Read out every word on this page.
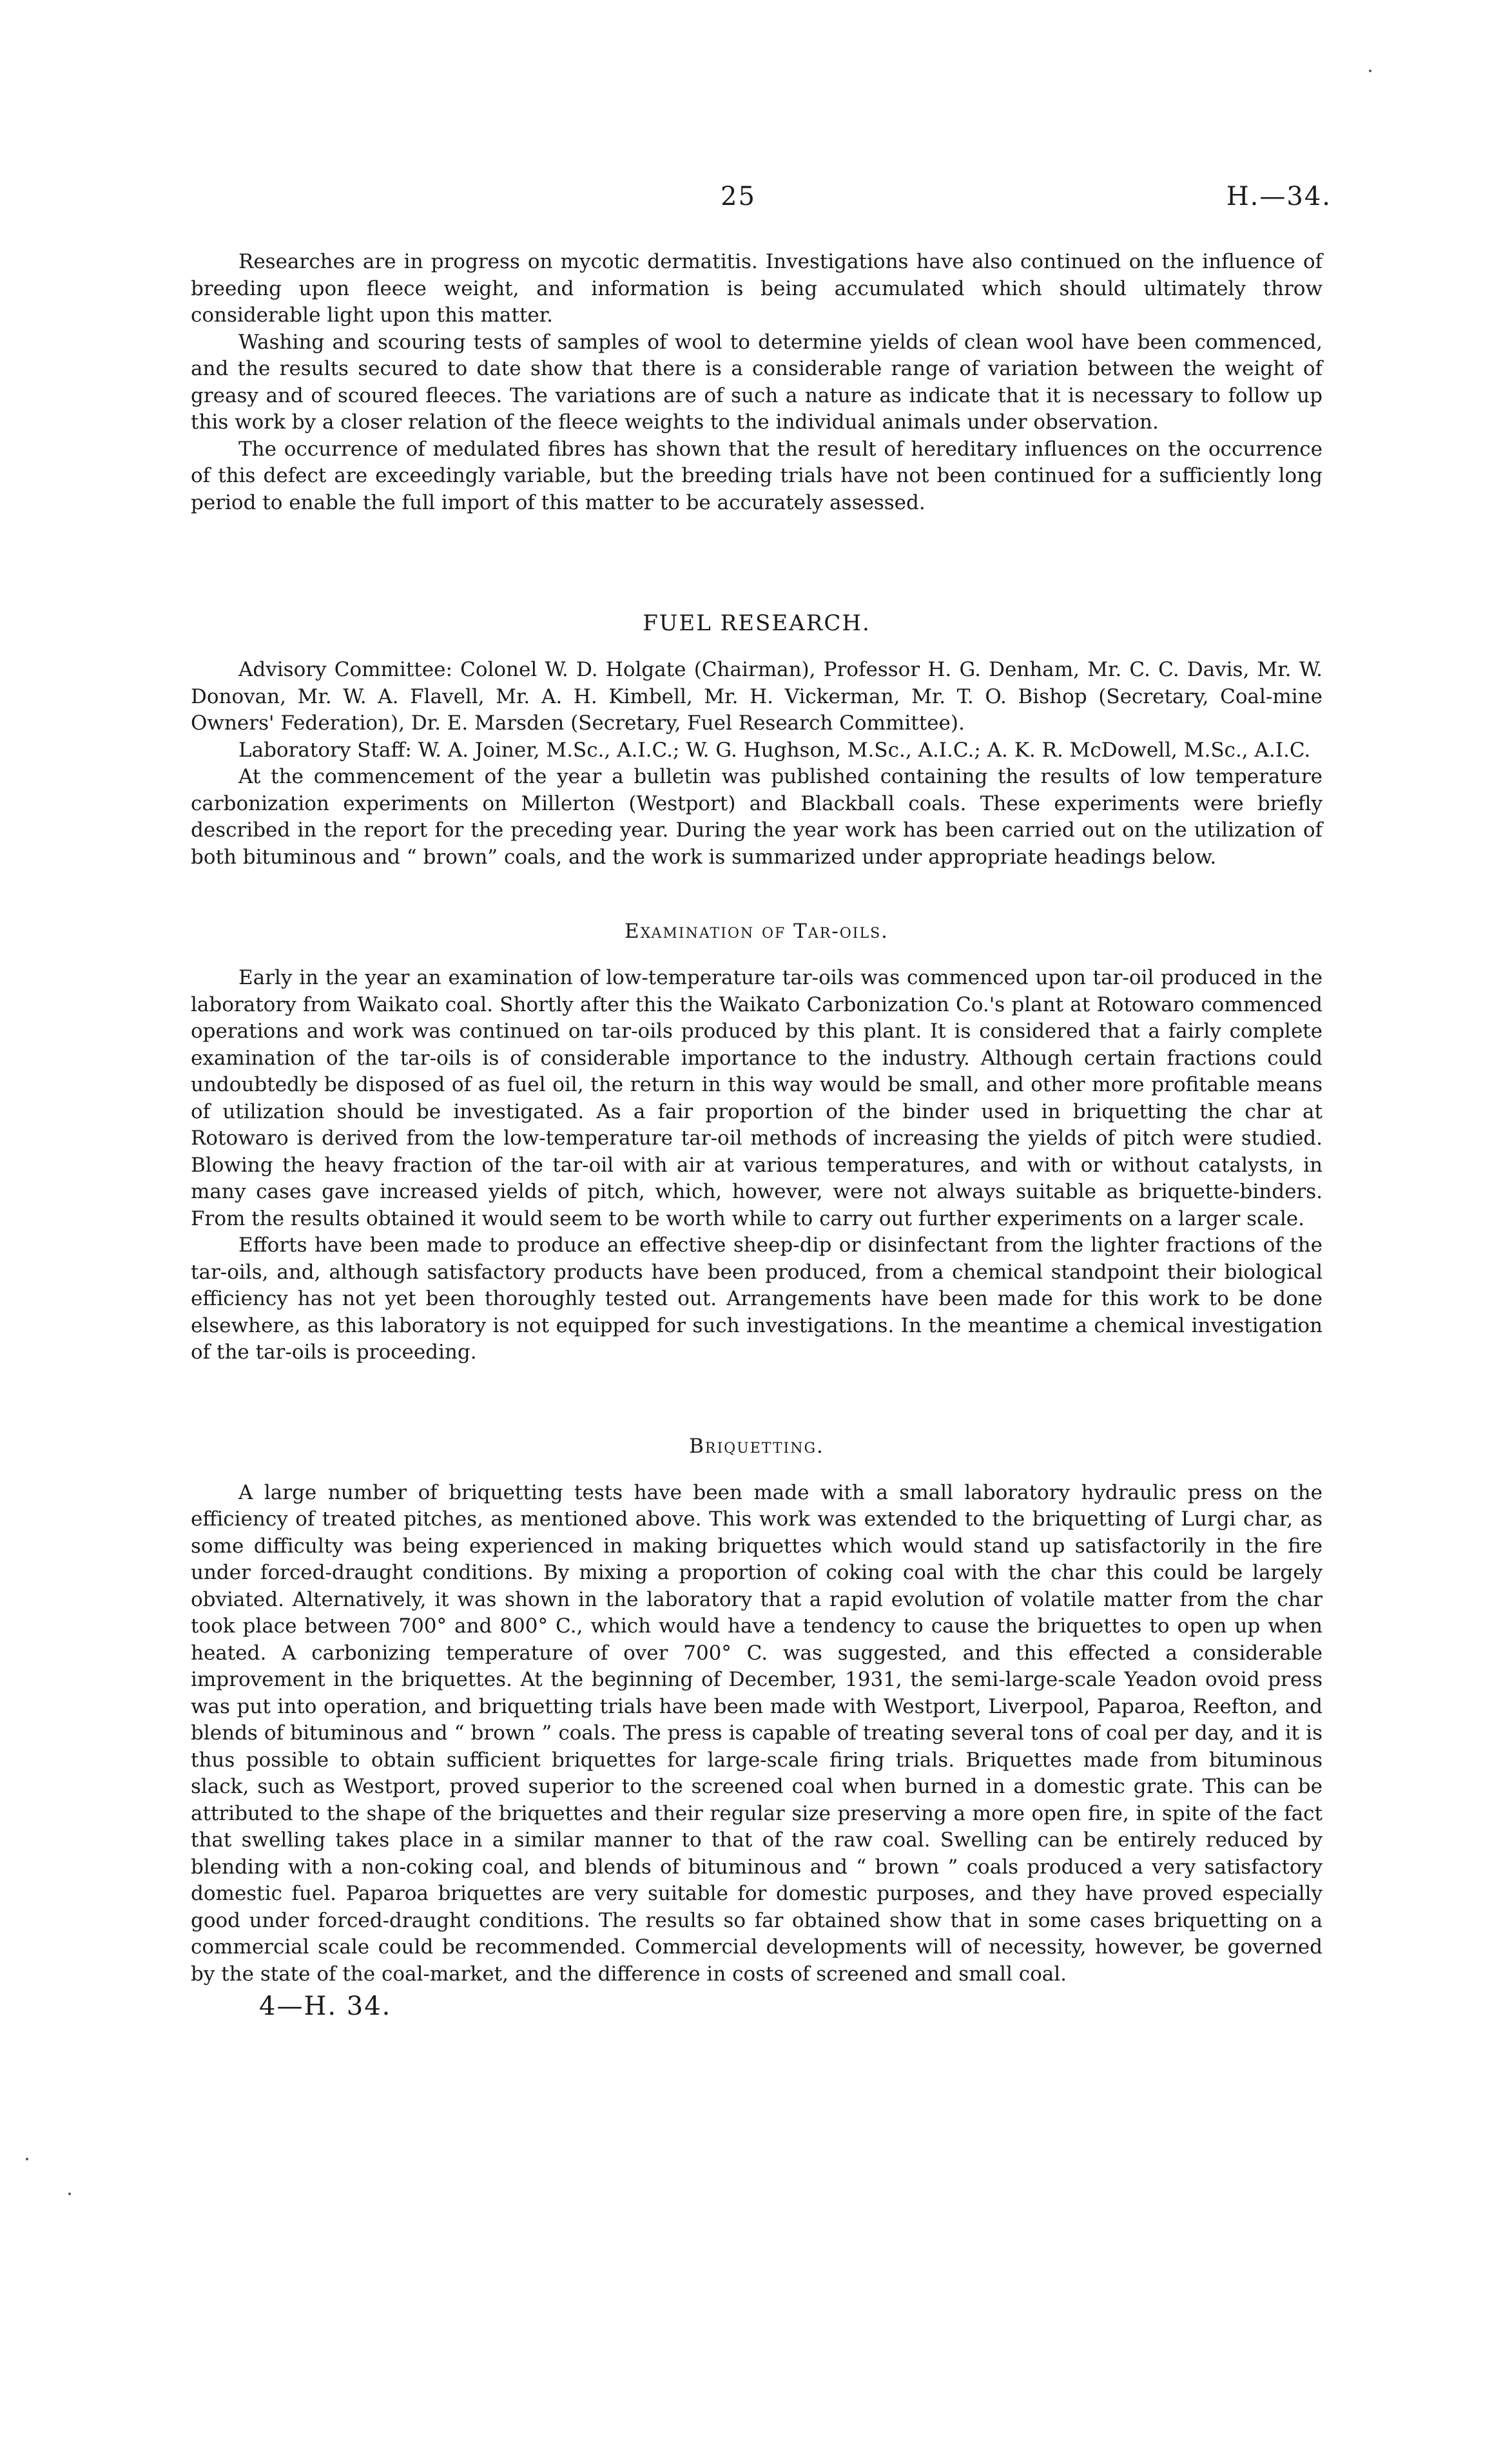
25	H.—34.

Researches are in progress on mycotic dermatitis. Investigations have also continued on the influence of breeding upon fleece weight, and information is being accumulated which should ultimately throw considerable light upon this matter.

Washing and scouring tests of samples of wool to determine yields of clean wool have been commenced, and the results secured to date show that there is a considerable range of variation between the weight of greasy and of scoured fleeces. The variations are of such a nature as indicate that it is necessary to follow up this work by a closer relation of the fleece weights to the individual animals under observation.

The occurrence of medulated fibres has shown that the result of hereditary influences on the occurrence of this defect are exceedingly variable, but the breeding trials have not been continued for a sufficiently long period to enable the full import of this matter to be accurately assessed.

FUEL RESEARCH.

Advisory Committee: Colonel W. D. Holgate (Chairman), Professor H. G. Denham, Mr. C. C. Davis, Mr. W. Donovan, Mr. W. A. Flavell, Mr. A. H. Kimbell, Mr. H. Vickerman, Mr. T. O. Bishop (Secretary, Coal-mine Owners' Federation), Dr. E. Marsden (Secretary, Fuel Research Committee).

Laboratory Staff: W. A. Joiner, M.Sc., A.I.C.; W. G. Hughson, M.Sc., A.I.C.; A. K. R. McDowell, M.Sc., A.I.C.

At the commencement of the year a bulletin was published containing the results of low temperature carbonization experiments on Millerton (Westport) and Blackball coals. These experiments were briefly described in the report for the preceding year. During the year work has been carried out on the utilization of both bituminous and “ brown” coals, and the work is summarized under appropriate headings below.

Examination of Tar-oils.

Early in the year an examination of low-temperature tar-oils was commenced upon tar-oil produced in the laboratory from Waikato coal. Shortly after this the Waikato Carbonization Co.'s plant at Rotowaro commenced operations and work was continued on tar-oils produced by this plant. It is considered that a fairly complete examination of the tar-oils is of considerable importance to the industry. Although certain fractions could undoubtedly be disposed of as fuel oil, the return in this way would be small, and other more profitable means of utilization should be investigated. As a fair proportion of the binder used in briquetting the char at Rotowaro is derived from the low-temperature tar-oil methods of increasing the yields of pitch were studied. Blowing the heavy fraction of the tar-oil with air at various temperatures, and with or without catalysts, in many cases gave increased yields of pitch, which, however, were not always suitable as briquette-binders. From the results obtained it would seem to be worth while to carry out further experiments on a larger scale.

Efforts have been made to produce an effective sheep-dip or disinfectant from the lighter fractions of the tar-oils, and, although satisfactory products have been produced, from a chemical standpoint their biological efficiency has not yet been thoroughly tested out. Arrangements have been made for this work to be done elsewhere, as this laboratory is not equipped for such investigations. In the meantime a chemical investigation of the tar-oils is proceeding.

Briquetting.

A large number of briquetting tests have been made with a small laboratory hydraulic press on the efficiency of treated pitches, as mentioned above. This work was extended to the briquetting of Lurgi char, as some difficulty was being experienced in making briquettes which would stand up satisfactorily in the fire under forced-draught conditions. By mixing a proportion of coking coal with the char this could be largely obviated. Alternatively, it was shown in the laboratory that a rapid evolution of volatile matter from the char took place between 700° and 800° C., which would have a tendency to cause the briquettes to open up when heated. A carbonizing temperature of over 700° C. was suggested, and this effected a considerable improvement in the briquettes. At the beginning of December, 1931, the semi-large-scale Yeadon ovoid press was put into operation, and briquetting trials have been made with Westport, Liverpool, Paparoa, Reefton, and blends of bituminous and “ brown ” coals. The press is capable of treating several tons of coal per day, and it is thus possible to obtain sufficient briquettes for large-scale firing trials. Briquettes made from bituminous slack, such as Westport, proved superior to the screened coal when burned in a domestic grate. This can be attributed to the shape of the briquettes and their regular size preserving a more open fire, in spite of the fact that swelling takes place in a similar manner to that of the raw coal. Swelling can be entirely reduced by blending with a non-coking coal, and blends of bituminous and “ brown ” coals produced a very satisfactory domestic fuel. Paparoa briquettes are very suitable for domestic purposes, and they have proved especially good under forced-draught conditions. The results so far obtained show that in some cases briquetting on a commercial scale could be recommended. Commercial developments will of necessity, however, be governed by the state of the coal-market, and the difference in costs of screened and small coal.

4—H. 34.
